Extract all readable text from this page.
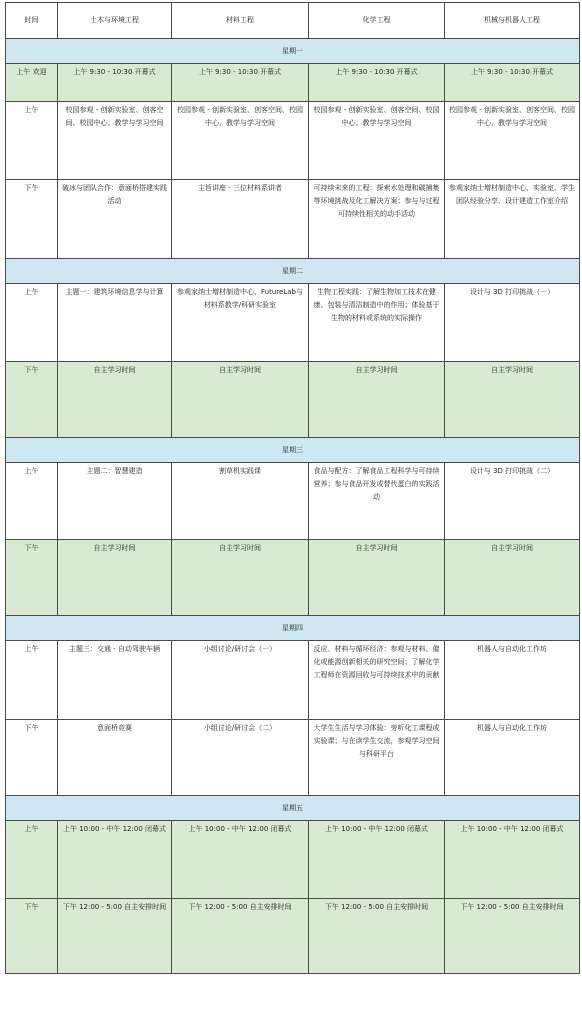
时间	土木与环境工程	材料工程	化学工程	机械与机器人工程
星期一				
上午 欢迎	上午 9:30 - 10:30 开幕式	上午 9:30 - 10:30 开幕式	上午 9:30 - 10:30 开幕式	上午 9:30 - 10:30 开幕式
上午	校园参观 - 创新实验室、创客空间、校园中心、教学与学习空间	校园参观 - 创新实验室、创客空间、校园中心、教学与学习空间	校园参观 - 创新实验室、创客空间、校园中心、教学与学习空间	校园参观 - 创新实验室、创客空间、校园中心、教学与学习空间
下午	破冰与团队合作：意面桥搭建实践活动	主旨讲座 - 三位材料系讲者	可持续未来的工程：探索水处理和碳捕集等环境挑战及化工解决方案；参与与过程可持续性相关的动手活动	参观家纳士增材制造中心、实验室、学生团队经验分享、设计建造工作室介绍
星期二				
上午	主题一：建筑环境信息学与计算	参观家纳士增材制造中心、FutureLab与材料系教学/科研实验室	生物工程实践：了解生物加工技术在健康、包装与清洁制造中的作用；体验基于生物的材料或系统的实际操作	设计与 3D 打印挑战（一）
下午	自主学习时间	自主学习时间	自主学习时间	自主学习时间
星期三				
上午	主题二：智慧建造	割草机实践课	食品与配方：了解食品工程科学与可持续营养；参与食品开发或替代蛋白的实践活动	设计与 3D 打印挑战（二）
下午	自主学习时间	自主学习时间	自主学习时间	自主学习时间
星期四				
上午	主题三：交通 - 自动驾驶车辆	小组讨论/研讨会（一）	反应、材料与循环经济：参观与材料、催化或能源创新相关的研究空间；了解化学工程师在资源回收与可持续技术中的贡献	机器人与自动化工作坊
下午	意面桥竞赛	小组讨论/研讨会（二）	大学生生活与学习体验：旁听化工课程或实验课；与在读学生交流，参观学习空间与科研平台	机器人与自动化工作坊
星期五				
上午	上午 10:00 - 中午 12:00 闭幕式	上午 10:00 - 中午 12:00 闭幕式	上午 10:00 - 中午 12:00 闭幕式	上午 10:00 - 中午 12:00 闭幕式
下午	下午 12:00 - 5:00 自主安排时间	下午 12:00 - 5:00 自主安排时间	下午 12:00 - 5:00 自主安排时间	下午 12:00 - 5:00 自主安排时间
